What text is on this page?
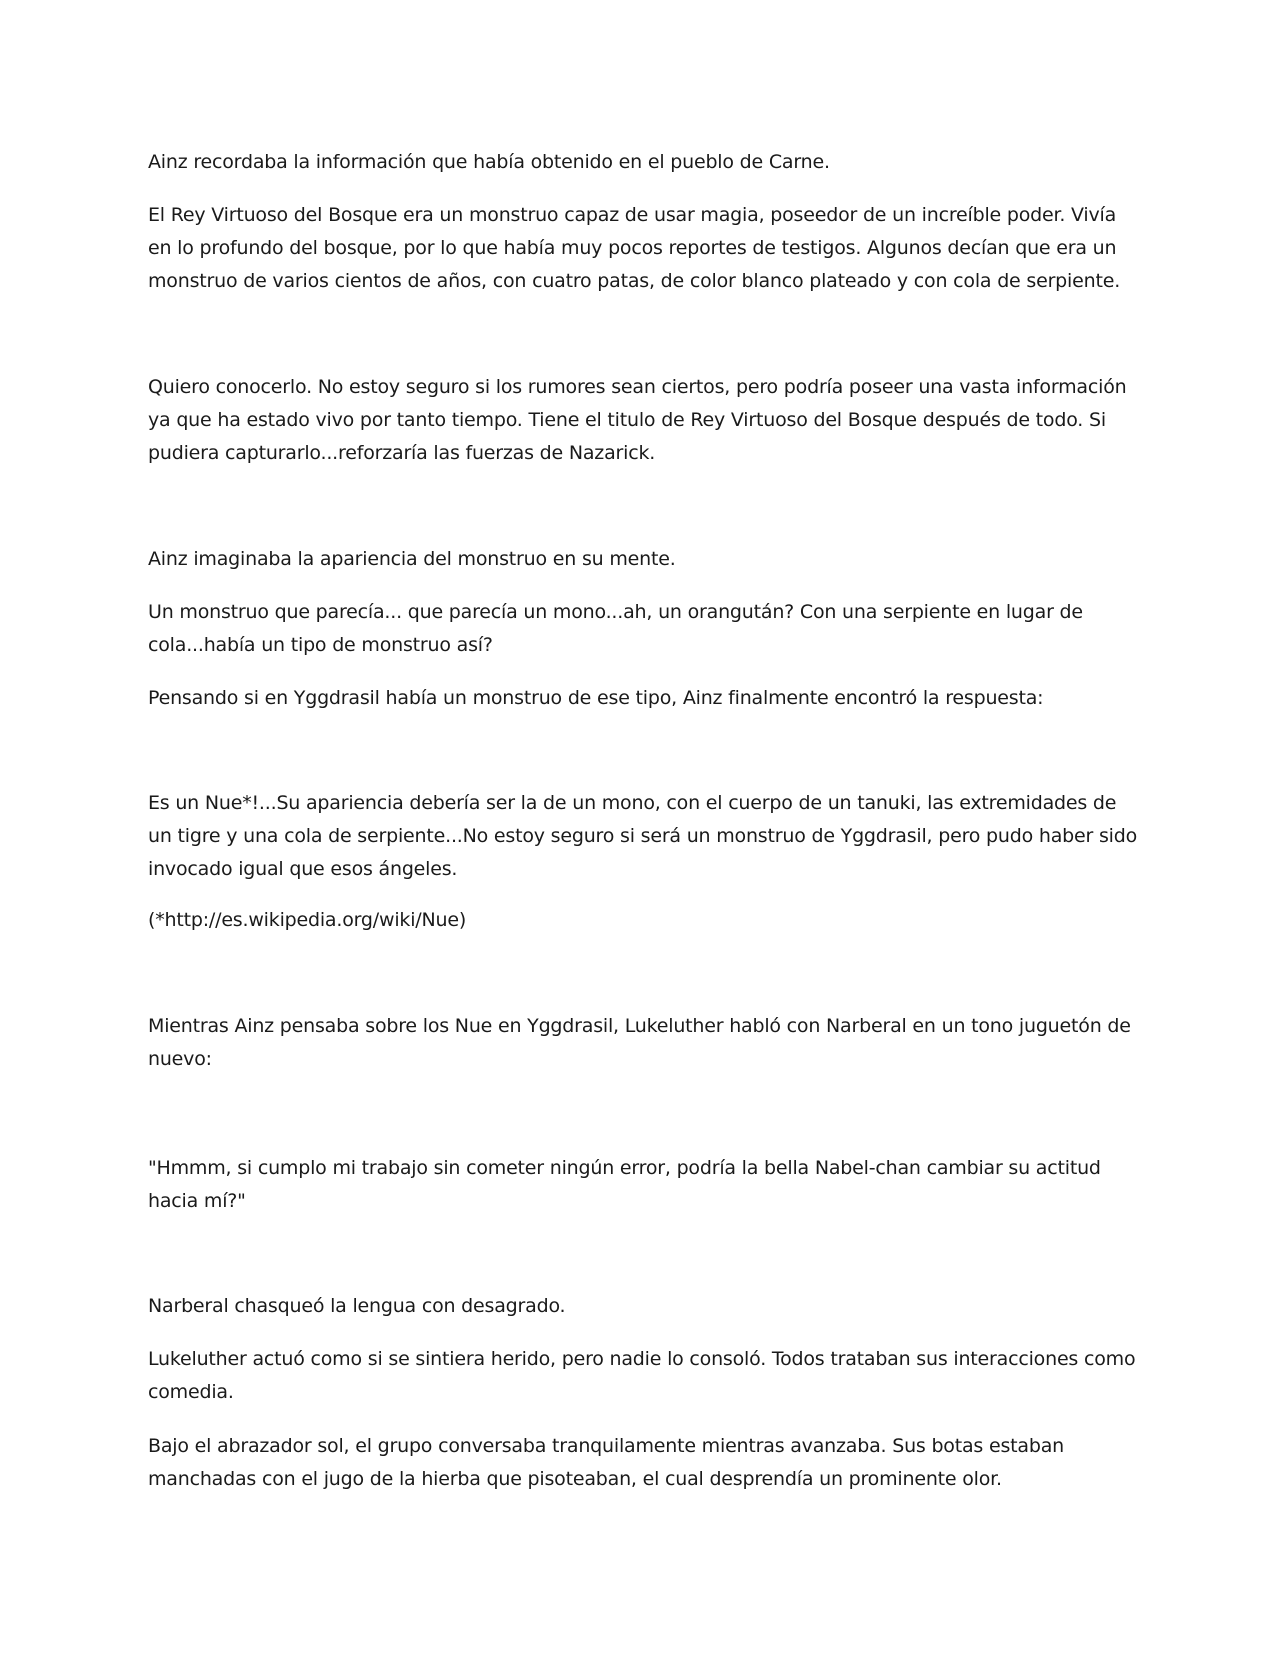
Ainz recordaba la información que había obtenido en el pueblo de Carne.

El Rey Virtuoso del Bosque era un monstruo capaz de usar magia, poseedor de un increíble poder. Vivía en lo profundo del bosque, por lo que había muy pocos reportes de testigos. Algunos decían que era un monstruo de varios cientos de años, con cuatro patas, de color blanco plateado y con cola de serpiente.

Quiero conocerlo. No estoy seguro si los rumores sean ciertos, pero podría poseer una vasta información ya que ha estado vivo por tanto tiempo. Tiene el titulo de Rey Virtuoso del Bosque después de todo. Si pudiera capturarlo...reforzaría las fuerzas de Nazarick.

Ainz imaginaba la apariencia del monstruo en su mente.

Un monstruo que parecía... que parecía un mono...ah, un orangután? Con una serpiente en lugar de cola...había un tipo de monstruo así?

Pensando si en Yggdrasil había un monstruo de ese tipo, Ainz finalmente encontró la respuesta:

Es un Nue*!...Su apariencia debería ser la de un mono, con el cuerpo de un tanuki, las extremidades de un tigre y una cola de serpiente...No estoy seguro si será un monstruo de Yggdrasil, pero pudo haber sido invocado igual que esos ángeles.

(*http://es.wikipedia.org/wiki/Nue)

Mientras Ainz pensaba sobre los Nue en Yggdrasil, Lukeluther habló con Narberal en un tono juguetón de nuevo:

"Hmmm, si cumplo mi trabajo sin cometer ningún error, podría la bella Nabel-chan cambiar su actitud hacia mí?"

Narberal chasqueó la lengua con desagrado.

Lukeluther actuó como si se sintiera herido, pero nadie lo consoló. Todos trataban sus interacciones como comedia.

Bajo el abrazador sol, el grupo conversaba tranquilamente mientras avanzaba. Sus botas estaban manchadas con el jugo de la hierba que pisoteaban, el cual desprendía un prominente olor.
